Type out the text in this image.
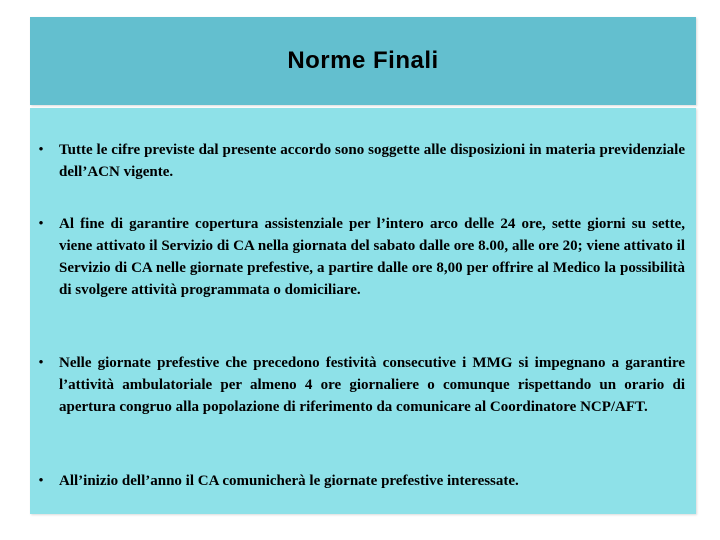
Norme Finali
• Tutte le cifre previste dal presente accordo sono soggette alle disposizioni in materia previdenziale dell’ACN vigente.
• Al fine di garantire copertura assistenziale per l’intero arco delle 24 ore, sette giorni su sette, viene attivato il Servizio di CA nella giornata del sabato dalle ore 8.00, alle ore 20; viene attivato il Servizio di CA nelle giornate prefestive, a partire dalle ore 8,00 per offrire al Medico la possibilità di svolgere attività programmata o domiciliare.
• Nelle giornate prefestive che precedono festività consecutive i MMG si impegnano a garantire l’attività ambulatoriale per almeno 4 ore giornaliere o comunque rispettando un orario di apertura congruo alla popolazione di riferimento da comunicare al Coordinatore NCP/AFT.
• All’inizio dell’anno il CA comunicherà le giornate prefestive interessate.
